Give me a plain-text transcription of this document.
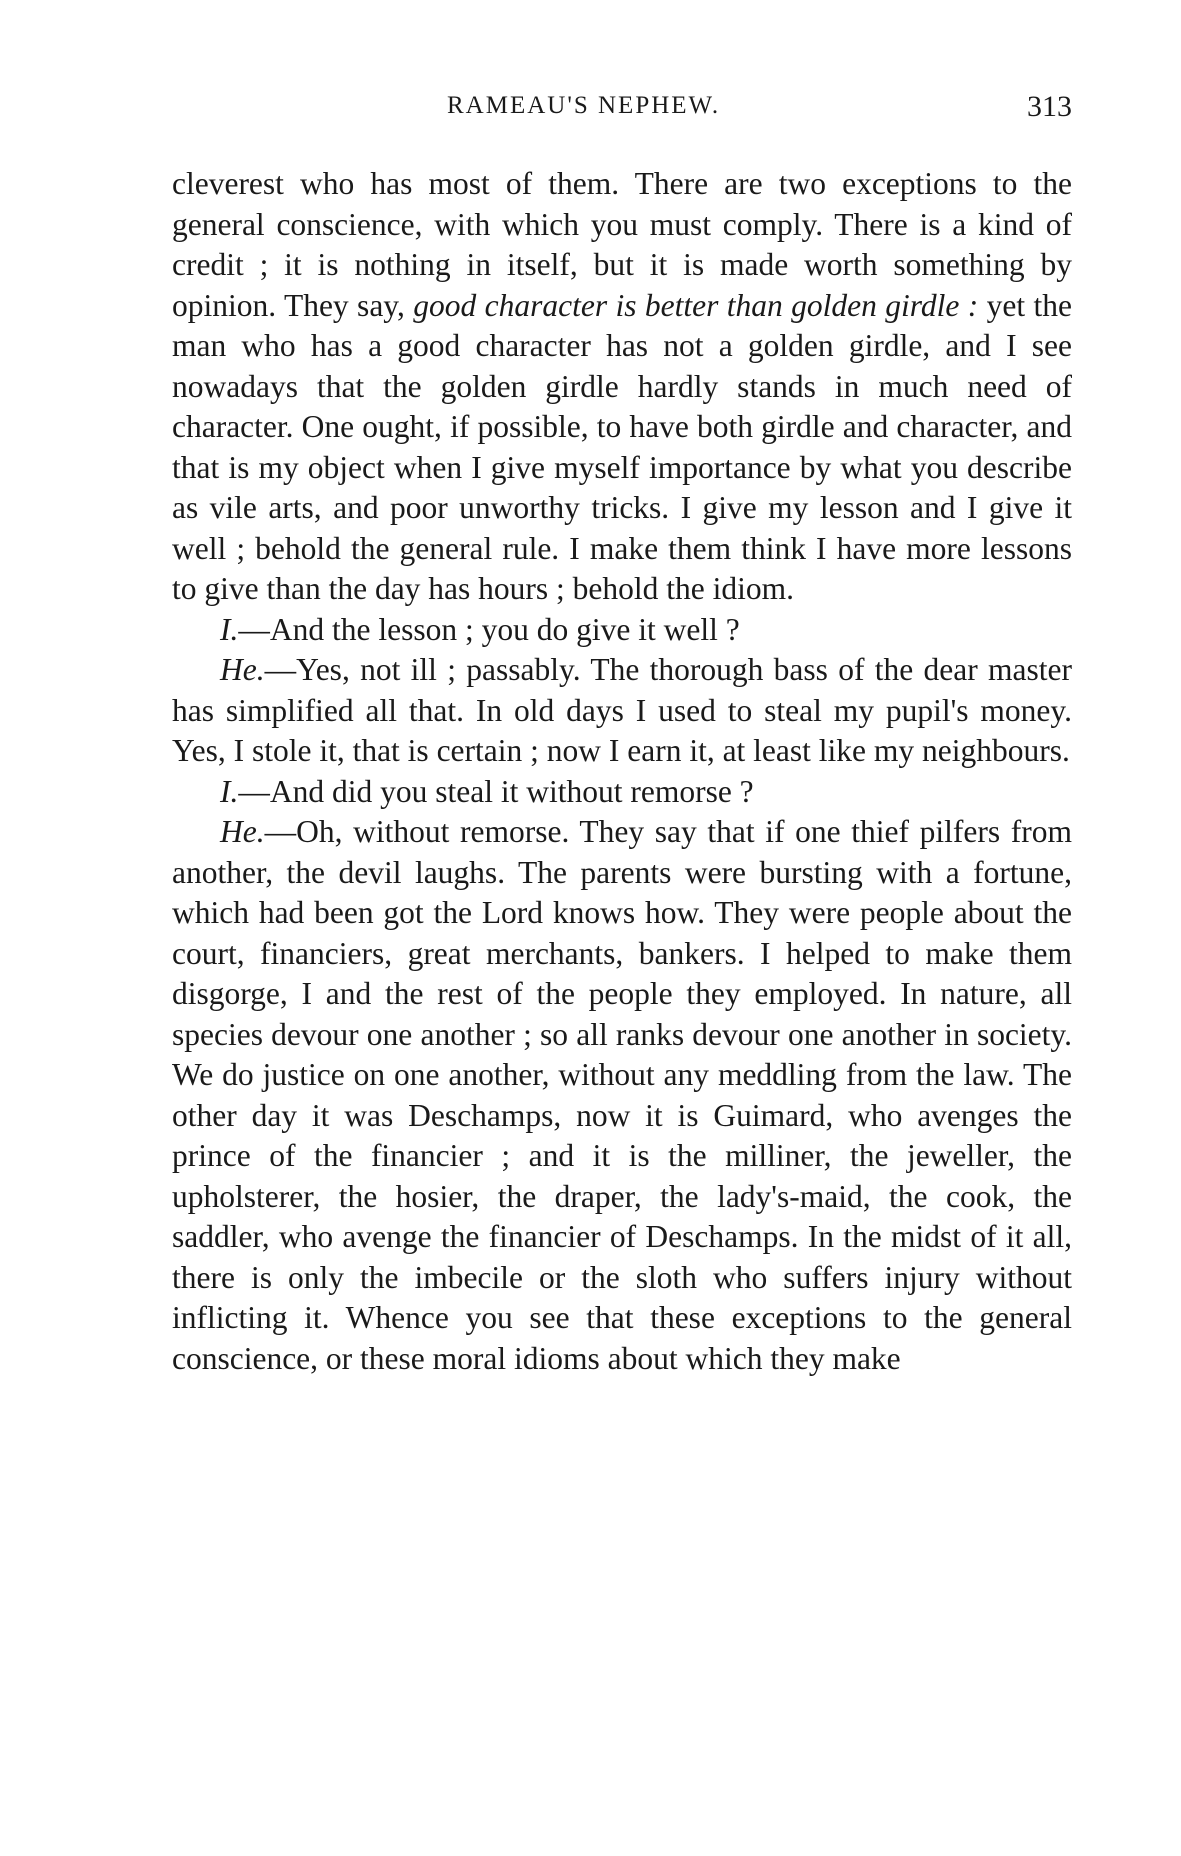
RAMEAU'S NEPHEW.	313

cleverest who has most of them. There are two exceptions to the general conscience, with which you must comply. There is a kind of credit ; it is nothing in itself, but it is made worth something by opinion. They say, good character is better than golden girdle : yet the man who has a good character has not a golden girdle, and I see nowadays that the golden girdle hardly stands in much need of character. One ought, if possible, to have both girdle and character, and that is my object when I give myself importance by what you describe as vile arts, and poor unworthy tricks. I give my lesson and I give it well ; behold the general rule. I make them think I have more lessons to give than the day has hours ; behold the idiom.

I.—And the lesson ; you do give it well ?

He.—Yes, not ill ; passably. The thorough bass of the dear master has simplified all that. In old days I used to steal my pupil's money. Yes, I stole it, that is certain ; now I earn it, at least like my neighbours.

I.—And did you steal it without remorse ?

He.—Oh, without remorse. They say that if one thief pilfers from another, the devil laughs. The parents were bursting with a fortune, which had been got the Lord knows how. They were people about the court, financiers, great merchants, bankers. I helped to make them disgorge, I and the rest of the people they employed. In nature, all species devour one another ; so all ranks devour one another in society. We do justice on one another, without any meddling from the law. The other day it was Deschamps, now it is Guimard, who avenges the prince of the financier ; and it is the milliner, the jeweller, the upholsterer, the hosier, the draper, the lady's-maid, the cook, the saddler, who avenge the financier of Deschamps. In the midst of it all, there is only the imbecile or the sloth who suffers injury without inflicting it. Whence you see that these exceptions to the general conscience, or these moral idioms about which they make
